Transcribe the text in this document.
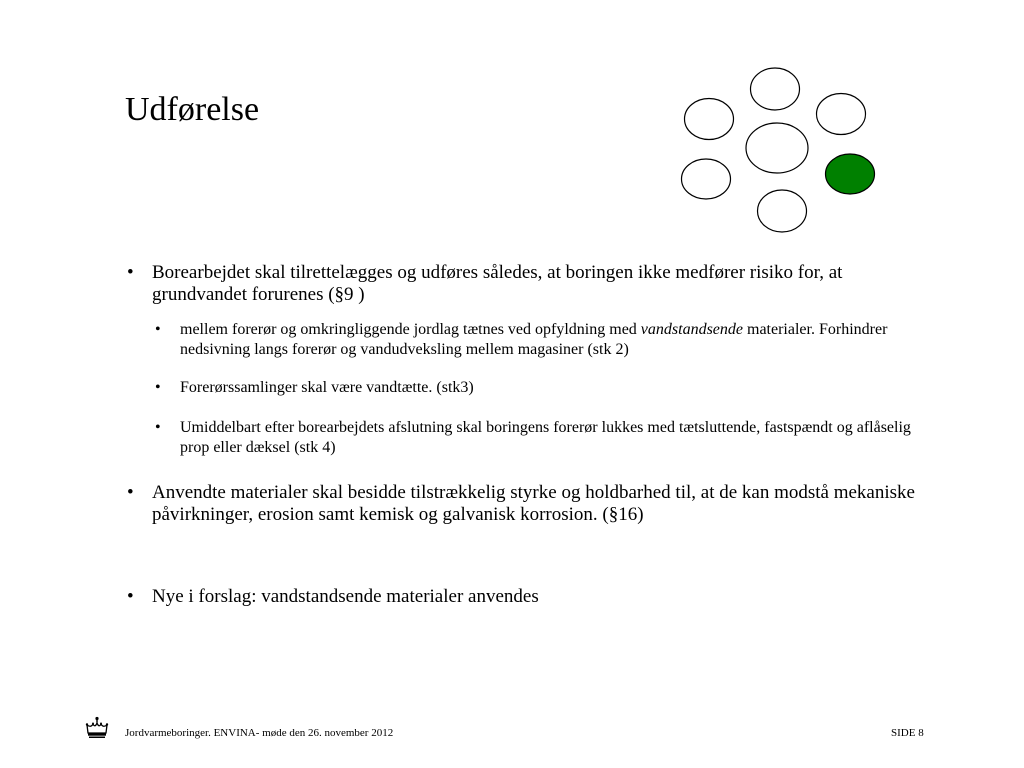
Udførelse
• Borearbejdet skal tilrettelægges og udføres således, at boringen ikke medfører risiko for, at grundvandet forurenes (§9 )
• mellem forerør og omkringliggende jordlag tætnes ved opfyldning med vandstandsende materialer. Forhindrer nedsivning langs forerør og vandudveksling mellem magasiner (stk 2)
• Forerørssamlinger skal være vandtætte. (stk3)
• Umiddelbart efter borearbejdets afslutning skal boringens forerør lukkes med tætsluttende, fastspændt og aflåselig prop eller dæksel (stk 4)
• Anvendte materialer skal besidde tilstrækkelig styrke og holdbarhed til, at de kan modstå mekaniske påvirkninger, erosion samt kemisk og galvanisk korrosion. (§16)
• Nye i forslag: vandstandsende materialer anvendes
Jordvarmeboringer. ENVINA- møde den 26. november 2012	SIDE 8
